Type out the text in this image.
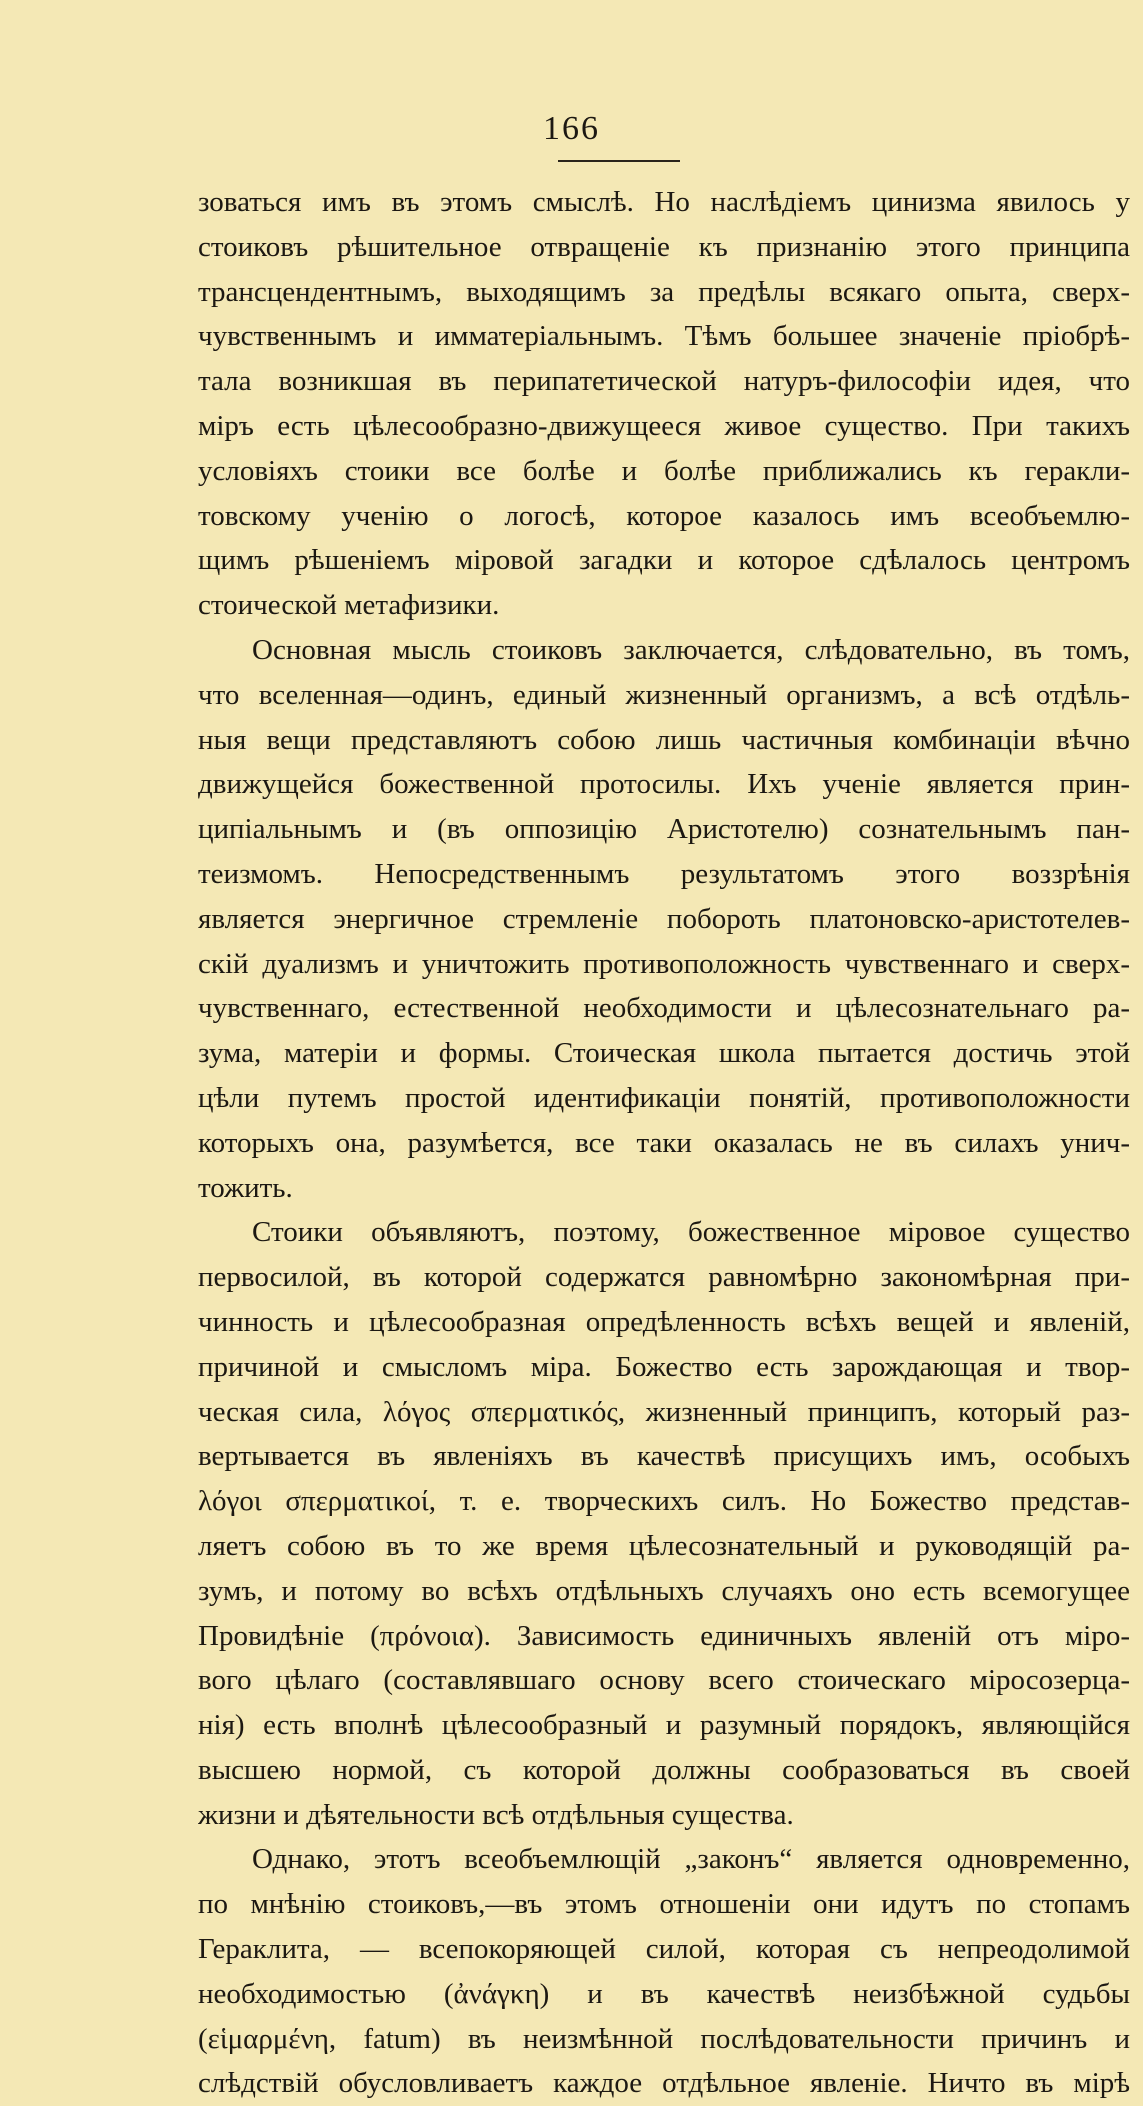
166
зоваться имъ въ этомъ смыслѣ. Но наслѣдіемъ цинизма явилось у
стоиковъ рѣшительное отвращеніе къ признанію этого принципа
трансцендентнымъ, выходящимъ за предѣлы всякаго опыта, сверх-
чувственнымъ и имматеріальнымъ. Тѣмъ большее значеніе пріобрѣ-
тала возникшая въ перипатетической натуръ-философіи идея, что
міръ есть цѣлесообразно-движущееся живое существо. При такихъ
условіяхъ стоики все болѣе и болѣе приближались къ геракли-
товскому ученію о логосѣ, которое казалось имъ всеобъемлю-
щимъ рѣшеніемъ міровой загадки и которое сдѣлалось центромъ
стоической метафизики.
Основная мысль стоиковъ заключается, слѣдовательно, въ томъ,
что вселенная—одинъ, единый жизненный организмъ, а всѣ отдѣль-
ныя вещи представляютъ собою лишь частичныя комбинаціи вѣчно
движущейся божественной протосилы. Ихъ ученіе является прин-
ципіальнымъ и (въ оппозицію Аристотелю) сознательнымъ пан-
теизмомъ. Непосредственнымъ результатомъ этого воззрѣнія
является энергичное стремленіе побороть платоновско-аристотелев-
скій дуализмъ и уничтожить противоположность чувственнаго и сверх-
чувственнаго, естественной необходимости и цѣлесознательнаго ра-
зума, матеріи и формы. Стоическая школа пытается достичь этой
цѣли путемъ простой идентификаціи понятій, противоположности
которыхъ она, разумѣется, все таки оказалась не въ силахъ унич-
тожить.
Стоики объявляютъ, поэтому, божественное міровое существо
первосилой, въ которой содержатся равномѣрно закономѣрная при-
чинность и цѣлесообразная опредѣленность всѣхъ вещей и явленій,
причиной и смысломъ міра. Божество есть зарождающая и твор-
ческая сила, λόγος σπερματικός, жизненный принципъ, который раз-
вертывается въ явленіяхъ въ качествѣ присущихъ имъ, особыхъ
λόγοι σπερματικοί, т. е. творческихъ силъ. Но Божество представ-
ляетъ собою въ то же время цѣлесознательный и руководящій ра-
зумъ, и потому во всѣхъ отдѣльныхъ случаяхъ оно есть всемогущее
Провидѣніе (πρόνοια). Зависимость единичныхъ явленій отъ міро-
вого цѣлаго (составлявшаго основу всего стоическаго міросозерца-
нія) есть вполнѣ цѣлесообразный и разумный порядокъ, являющійся
высшею нормой, съ которой должны сообразоваться въ своей
жизни и дѣятельности всѣ отдѣльныя существа.
Однако, этотъ всеобъемлющій „законъ“ является одновременно,
по мнѣнію стоиковъ,—въ этомъ отношеніи они идутъ по стопамъ
Гераклита, — всепокоряющей силой, которая съ непреодолимой
необходимостью (ἀνάγκη) и въ качествѣ неизбѣжной судьбы
(εἱμαρμένη, fatum) въ неизмѣнной послѣдовательности причинъ и
слѣдствій обусловливаетъ каждое отдѣльное явленіе. Ничто въ мірѣ
